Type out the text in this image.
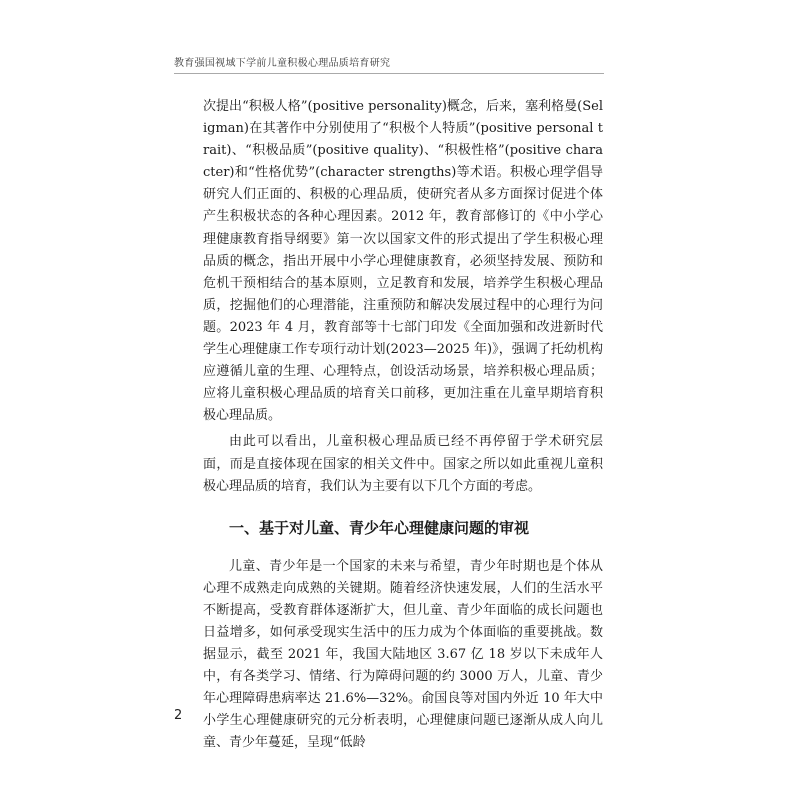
教育强国视域下学前儿童积极心理品质培育研究

次提出“积极人格”(positive personality)概念，后来，塞利格曼(Seligman)在其著作中分别使用了“积极个人特质”(positive personal trait)、“积极品质”(positive quality)、“积极性格”(positive character)和“性格优势”(character strengths)等术语。积极心理学倡导研究人们正面的、积极的心理品质，使研究者从多方面探讨促进个体产生积极状态的各种心理因素。2012 年，教育部修订的《中小学心理健康教育指导纲要》第一次以国家文件的形式提出了学生积极心理品质的概念，指出开展中小学心理健康教育，必须坚持发展、预防和危机干预相结合的基本原则，立足教育和发展，培养学生积极心理品质，挖掘他们的心理潜能，注重预防和解决发展过程中的心理行为问题。2023 年 4 月，教育部等十七部门印发《全面加强和改进新时代学生心理健康工作专项行动计划(2023—2025 年)》，强调了托幼机构应遵循儿童的生理、心理特点，创设活动场景，培养积极心理品质；应将儿童积极心理品质的培育关口前移，更加注重在儿童早期培育积极心理品质。

由此可以看出，儿童积极心理品质已经不再停留于学术研究层面，而是直接体现在国家的相关文件中。国家之所以如此重视儿童积极心理品质的培育，我们认为主要有以下几个方面的考虑。

一、基于对儿童、青少年心理健康问题的审视

儿童、青少年是一个国家的未来与希望，青少年时期也是个体从心理不成熟走向成熟的关键期。随着经济快速发展，人们的生活水平不断提高，受教育群体逐渐扩大，但儿童、青少年面临的成长问题也日益增多，如何承受现实生活中的压力成为个体面临的重要挑战。数据显示，截至 2021 年，我国大陆地区 3.67 亿 18 岁以下未成年人中，有各类学习、情绪、行为障碍问题的约 3000 万人，儿童、青少年心理障碍患病率达 21.6%—32%。俞国良等对国内外近 10 年大中小学生心理健康研究的元分析表明，心理健康问题已逐渐从成人向儿童、青少年蔓延，呈现“低龄

2
